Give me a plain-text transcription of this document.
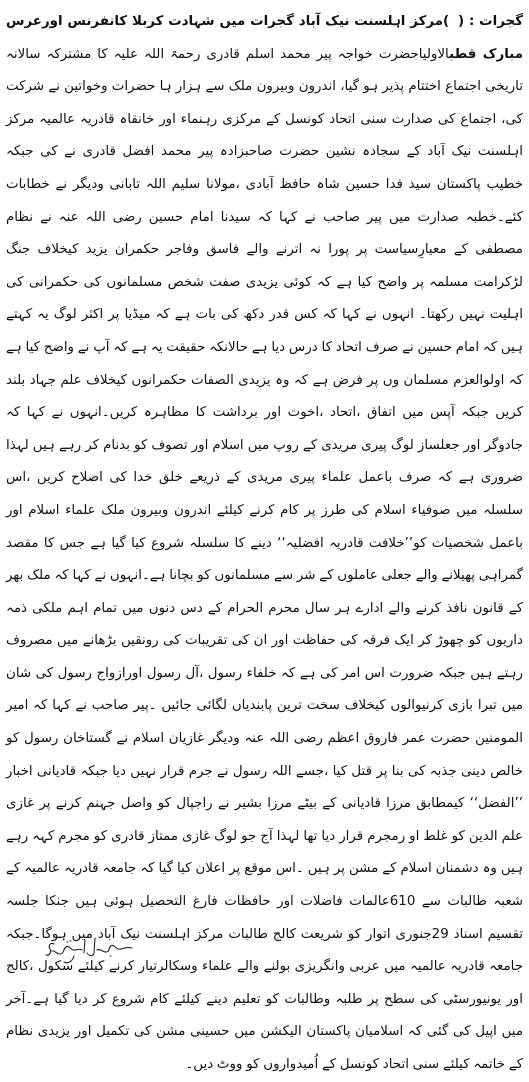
گجرات : ( )مرکز اہلسنت نیک آباد گجرات میں شہادت کربلا کانفرنس اورعرس مبارک قطبالاولیاحضرت خواجہ پیر محمد اسلم قادری رحمۃ اللہ علیہ کا مشترکہ سالانہ تاریخی اجتماع اختتام پذیر ہو گیا، اندرون وبیرون ملک سے ہزار ہا حضرات وخواتین نے شرکت کی، اجتماع کی صدارت سنی اتحاد کونسل کے مرکزی رہنماء اور خانقاہ قادریہ عالمیہ مرکز اہلسنت نیک آباد کے سجادہ نشین حضرت صاحبزادہ پیر محمد افضل قادری نے کی جبکہ خطیب پاکستان سید فدا حسین شاہ حافظ آبادی ،مولانا سلیم اللہ تابانی ودیگر نے خطابات کئے۔خطبہ صدارت میں پیر صاحب نے کہا کہ سیدنا امام حسین رضی اللہ عنہ نے نظام مصطفی کے معیارِسیاست پر پورا نہ اترنے والے فاسق وفاجر حکمران یزید کیخلاف جنگ لڑکرامت مسلمہ پر واضح کیا ہے کہ کوئی یزیدی صفت شخص مسلمانوں کی حکمرانی کی اہلیت نہیں رکھتا۔ انہوں نے کہا کہ کس قدر دکھ کی بات ہے کہ میڈیا پر اکثر لوگ یہ کہتے ہیں کہ امام حسین نے صرف اتحاد کا درس دیا ہے حالانکہ حقیقت یہ ہے کہ آپ نے واضح کیا ہے کہ اولوالعزم مسلمان وں پر فرض ہے کہ وہ یزیدی الصفات حکمرانوں کیخلاف علم جہاد بلند کریں جبکہ آپس میں اتفاق ،اتحاد ،اخوت اور برداشت کا مظاہرہ کریں۔انہوں نے کہا کہ جادوگر اور جعلساز لوگ پیری مریدی کے روپ میں اسلام اور تصوف کو بدنام کر رہے ہیں لہذا ضروری ہے کہ صرف باعمل علماء پیری مریدی کے ذریعے خلق خدا کی اصلاح کریں ،اس سلسلہ میں صوفیاء اسلام کی طرز پر کام کرنے کیلئے اندرون وبیرون ملک علماء اسلام اور باعمل شخصیات کو’’خلافت قادریہ افضلیہ‘‘ دینے کا سلسلہ شروع کیا گیا ہے جس کا مقصد گمراہی پھیلانے والے جعلی عاملوں کے شر سے مسلمانوں کو بچانا ہے۔انہوں نے کہا کہ ملک بھر کے قانون نافذ کرنے والے ادارے ہر سال محرم الحرام کے دس دنوں میں تمام اہم ملکی ذمہ داریوں کو چھوڑ کر ایک فرقہ کی حفاظت اور ان کی تقریبات کی رونقیں بڑھانے میں مصروف رہتے ہیں جبکہ ضرورت اس امر کی ہے کہ خلفاء رسول ،آل رسول اورازواج رسول کی شان میں تبرا بازی کرنیوالوں کیخلاف سخت ترین پابندیاں لگائی جائیں ۔پیر صاحب نے کہا کہ امیر المومنین حضرت عمر فاروق اعظم رضی اللہ عنہ ودیگر غازیان اسلام نے گستاخان رسول کو خالص دینی جذبہ کی بنا پر قتل کیا ،جسے اللہ رسول نے جرم قرار نہیں دیا جبکہ قادیانی اخبار ’’الفضل‘‘ کیمطابق مرزا قادیانی کے بیٹے مرزا بشیر نے راجپال کو واصل جہنم کرنے پر غازی علم الدین کو غلط او رمجرم قرار دیا تھا لہذا آج جو لوگ غازی ممتاز قادری کو مجرم کہہ رہے ہیں وہ دشمنان اسلام کے مشن پر ہیں ۔اس موقع پر اعلان کیا گیا کہ جامعہ قادریہ عالمیہ کے شعبہ طالبات سے 610عالمات فاضلات اور حافظات فارغ التحصیل ہوئی ہیں جنکا جلسہ تقسیم اسناد 29جنوری اتوار کو شریعت کالج طالبات مرکز اہلسنت نیک آباد میں ہوگا۔جبکہ جامعہ قادریہ عالمیہ میں عربی وانگریزی بولنے والے علماء وسکالرتیار کرنے کیلئے سکول ،کالج اور یونیورسٹی کی سطح پر طلبہ وطالبات کو تعلیم دینے کیلئے کام شروع کر دیا گیا ہے۔آخر میں اپیل کی گئی کہ اسلامیان پاکستان الیکشن میں حسینی مشن کی تکمیل اور یزیدی نظام کے خاتمہ کیلئے سنی اتحاد کونسل کے اُمیدواروں کو ووٹ دیں۔
